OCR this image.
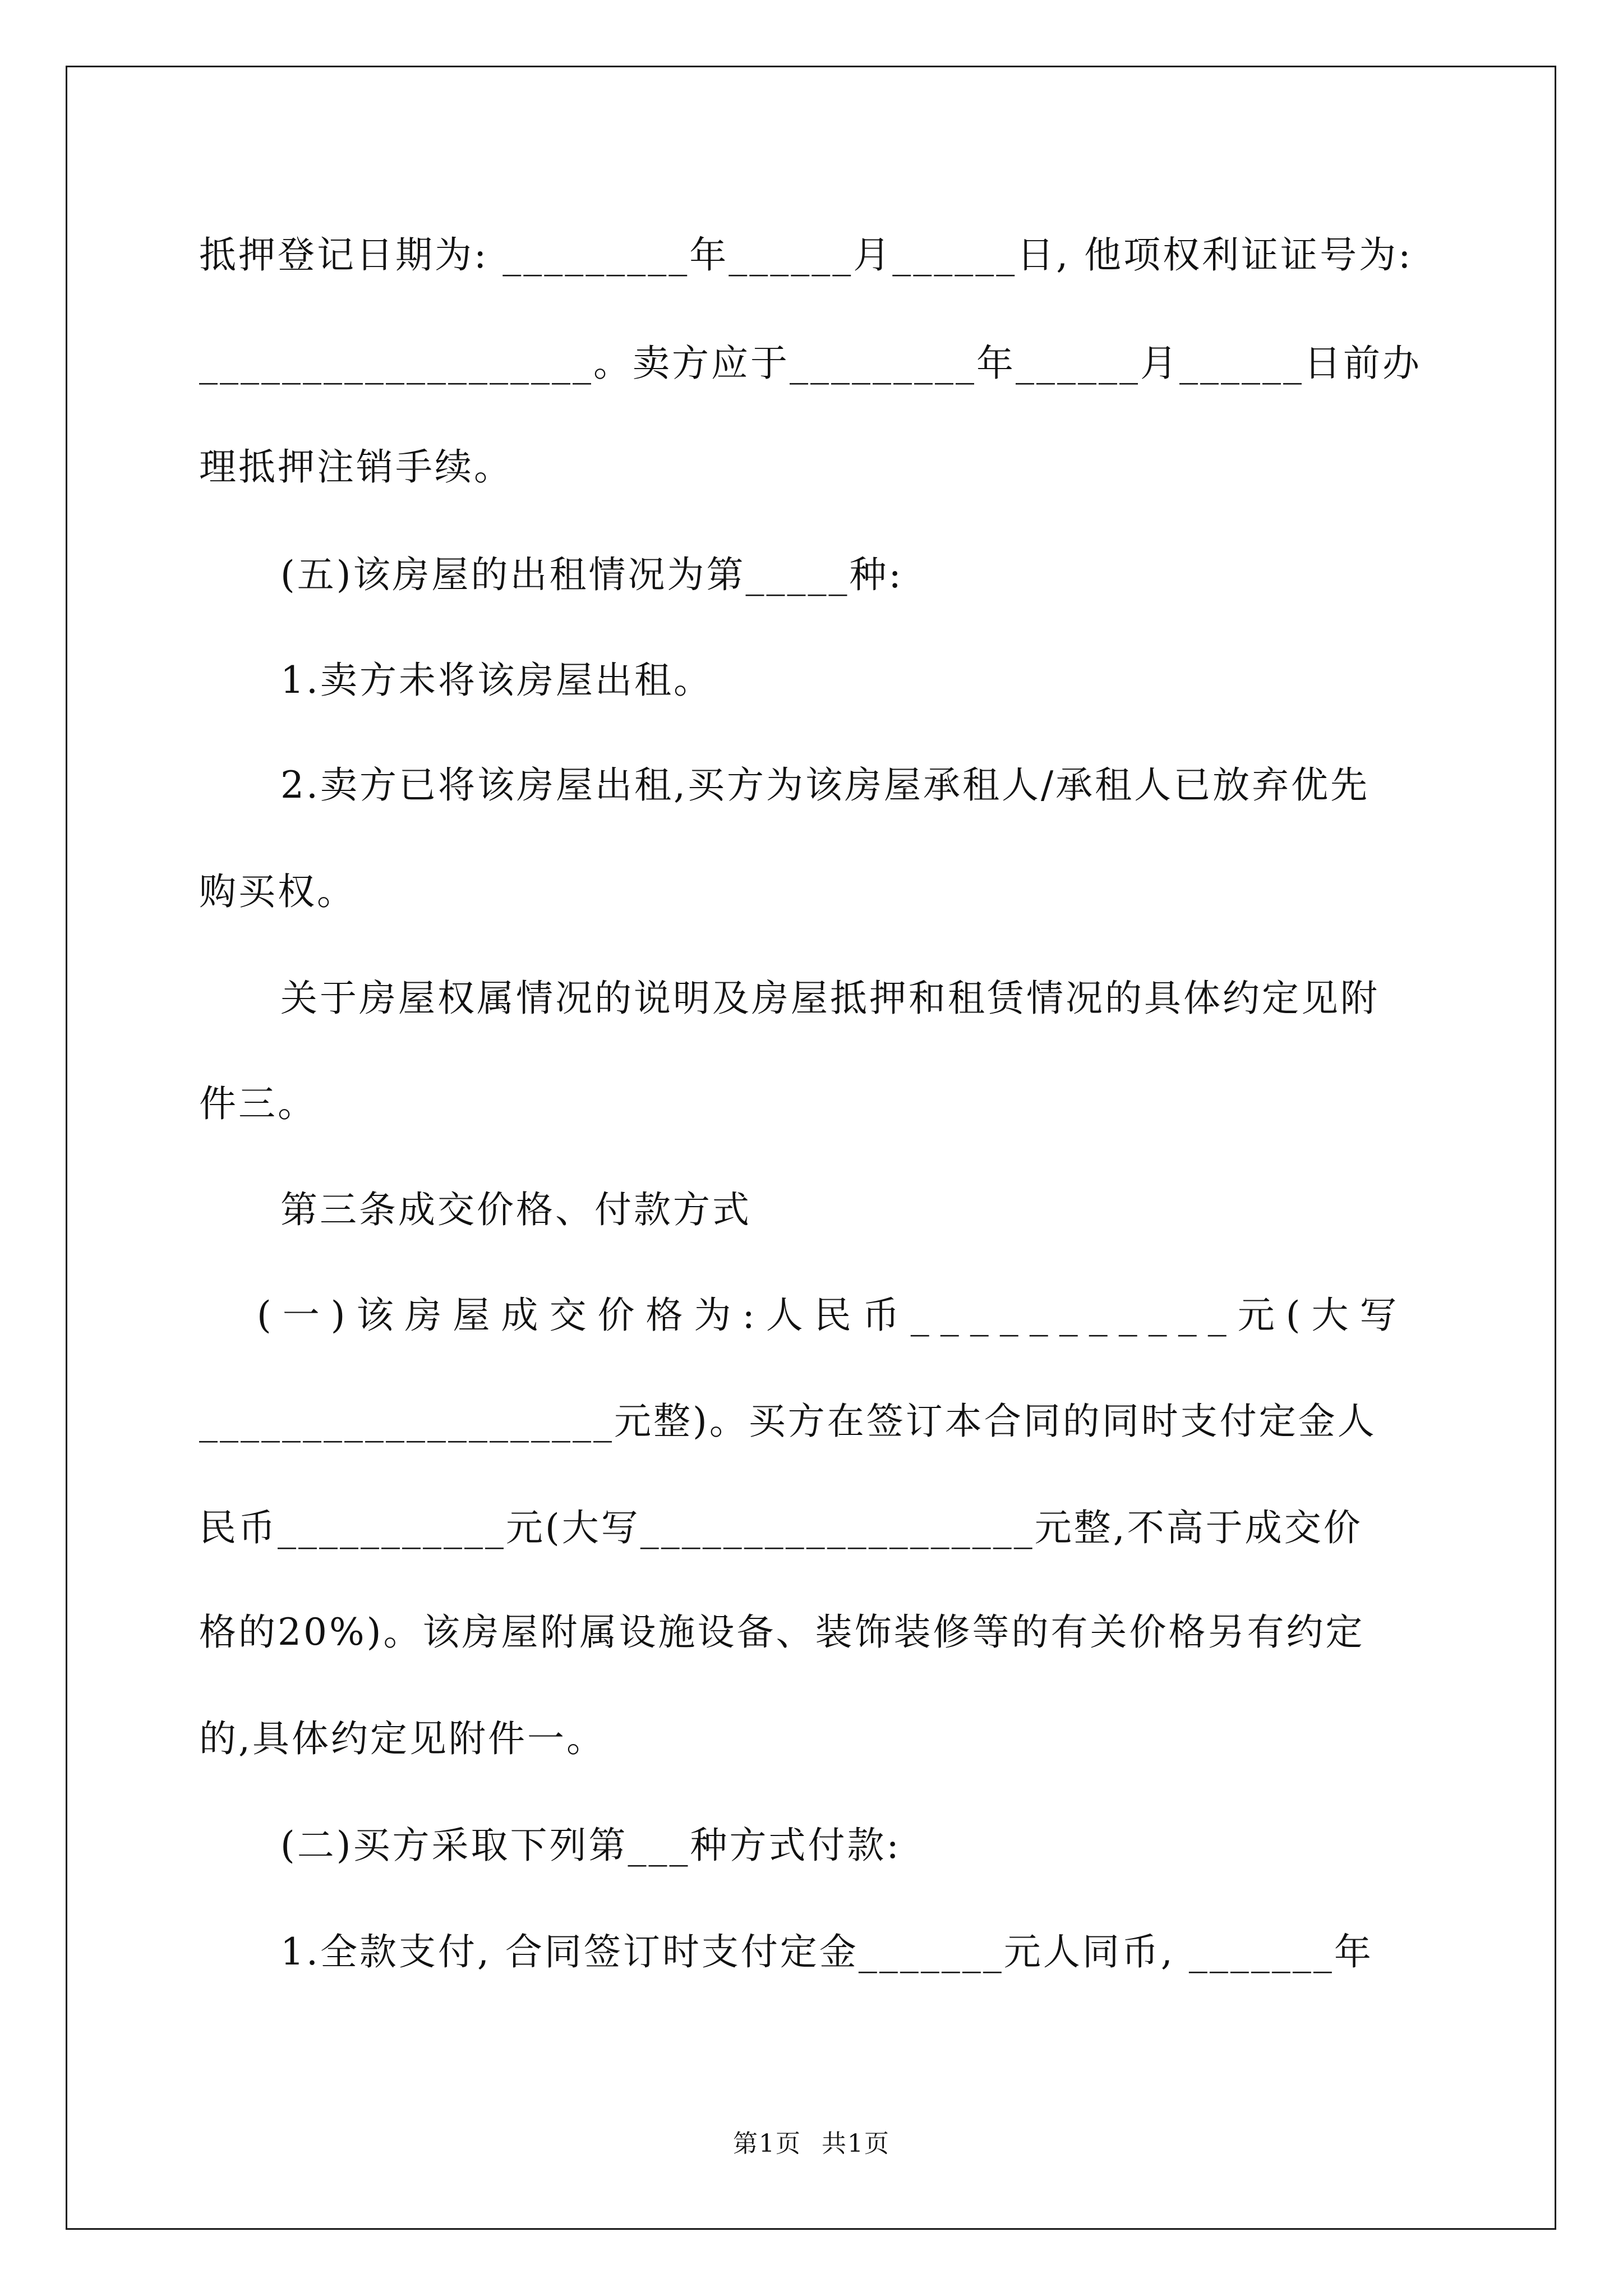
抵押登记日期为: _________年______月______日, 他项权利证证号为:
___________________。卖方应于_________年______月______日前办
理抵押注销手续。
(五)该房屋的出租情况为第_____种:
1.卖方未将该房屋出租。
2.卖方已将该房屋出租,买方为该房屋承租人/承租人已放弃优先
购买权。
关于房屋权属情况的说明及房屋抵押和租赁情况的具体约定见附
件三。
第三条成交价格、付款方式
(一)该房屋成交价格为:人民币___________元(大写
____________________元整)。买方在签订本合同的同时支付定金人
民币___________元(大写___________________元整,不高于成交价
格的20%)。该房屋附属设施设备、装饰装修等的有关价格另有约定
的,具体约定见附件一。
(二)买方采取下列第___种方式付款:
1.全款支付, 合同签订时支付定金_______元人同币, _______年
第1页 共1页
